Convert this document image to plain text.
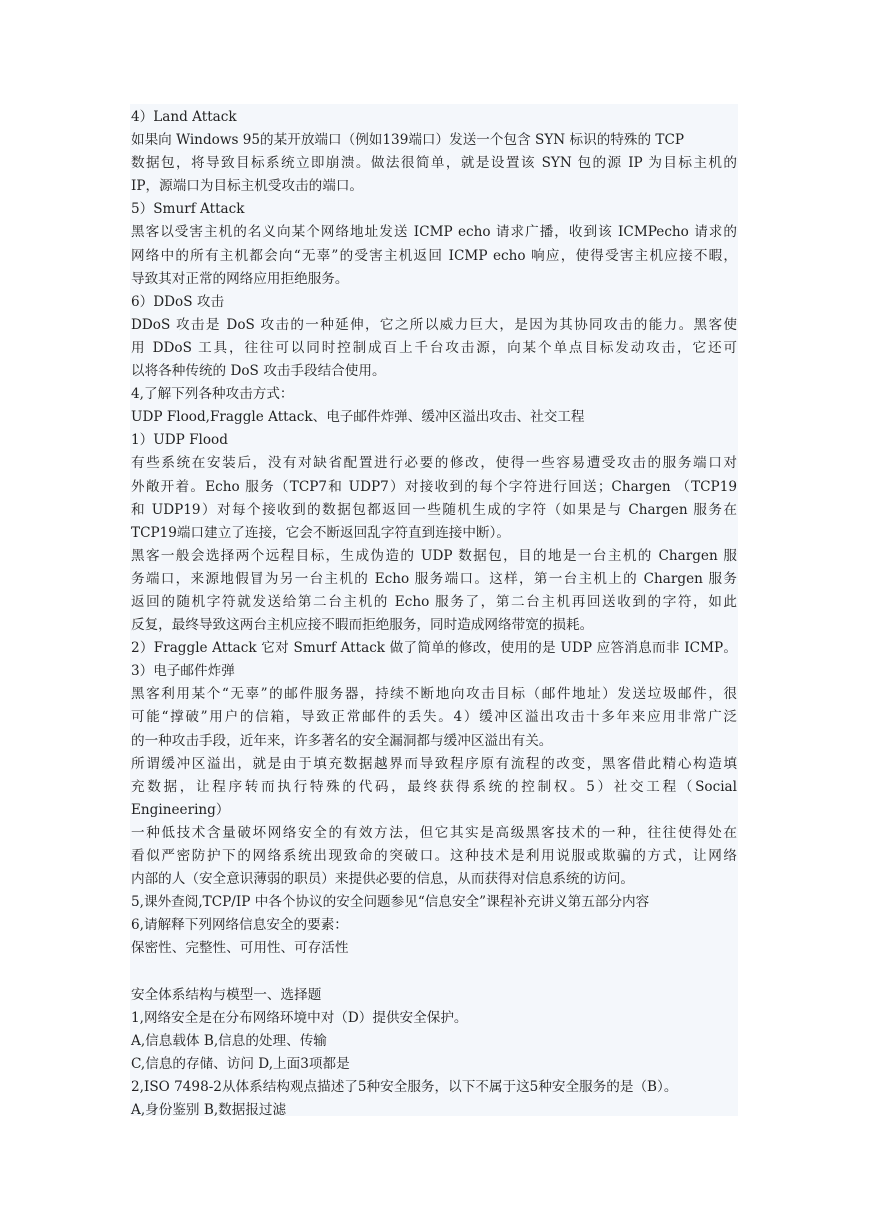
4）Land Attack
如果向 Windows 95的某开放端口（例如139端口）发送一个包含 SYN 标识的特殊的 TCP
数据包，将导致目标系统立即崩溃。做法很简单，就是设置该 SYN 包的源 IP 为目标主机的
IP，源端口为目标主机受攻击的端口。
5）Smurf Attack
黑客以受害主机的名义向某个网络地址发送 ICMP echo 请求广播，收到该 ICMPecho 请求的
网络中的所有主机都会向“无辜”的受害主机返回 ICMP echo 响应，使得受害主机应接不暇，
导致其对正常的网络应用拒绝服务。
6）DDoS 攻击
DDoS 攻击是 DoS 攻击的一种延伸，它之所以威力巨大，是因为其协同攻击的能力。黑客使
用 DDoS 工具，往往可以同时控制成百上千台攻击源，向某个单点目标发动攻击，它还可
以将各种传统的 DoS 攻击手段结合使用。
4,了解下列各种攻击方式：
UDP Flood,Fraggle Attack、电子邮件炸弹、缓冲区溢出攻击、社交工程
1）UDP Flood
有些系统在安装后，没有对缺省配置进行必要的修改，使得一些容易遭受攻击的服务端口对
外敞开着。Echo 服务（TCP7和 UDP7）对接收到的每个字符进行回送；Chargen （TCP19
和 UDP19）对每个接收到的数据包都返回一些随机生成的字符（如果是与 Chargen 服务在
TCP19端口建立了连接，它会不断返回乱字符直到连接中断）。
黑客一般会选择两个远程目标，生成伪造的 UDP 数据包，目的地是一台主机的 Chargen 服
务端口，来源地假冒为另一台主机的 Echo 服务端口。这样，第一台主机上的 Chargen 服务
返回的随机字符就发送给第二台主机的 Echo 服务了，第二台主机再回送收到的字符，如此
反复，最终导致这两台主机应接不暇而拒绝服务，同时造成网络带宽的损耗。
2）Fraggle Attack 它对 Smurf Attack 做了简单的修改，使用的是 UDP 应答消息而非 ICMP。
3）电子邮件炸弹
黑客利用某个“无辜”的邮件服务器，持续不断地向攻击目标（邮件地址）发送垃圾邮件，很
可能“撑破”用户的信箱，导致正常邮件的丢失。4）缓冲区溢出攻击十多年来应用非常广泛
的一种攻击手段，近年来，许多著名的安全漏洞都与缓冲区溢出有关。
所谓缓冲区溢出，就是由于填充数据越界而导致程序原有流程的改变，黑客借此精心构造填
充数据，让程序转而执行特殊的代码，最终获得系统的控制权。5）社交工程（Social
Engineering）
一种低技术含量破坏网络安全的有效方法，但它其实是高级黑客技术的一种，往往使得处在
看似严密防护下的网络系统出现致命的突破口。这种技术是利用说服或欺骗的方式，让网络
内部的人（安全意识薄弱的职员）来提供必要的信息，从而获得对信息系统的访问。
5,课外查阅,TCP/IP 中各个协议的安全问题参见“信息安全”课程补充讲义第五部分内容
6,请解释下列网络信息安全的要素：
保密性、完整性、可用性、可存活性
安全体系结构与模型一、选择题
1,网络安全是在分布网络环境中对（D）提供安全保护。
A,信息载体 B,信息的处理、传输
C,信息的存储、访问 D,上面3项都是
2,ISO 7498-2从体系结构观点描述了5种安全服务，以下不属于这5种安全服务的是（B）。
A,身份鉴别 B,数据报过滤
